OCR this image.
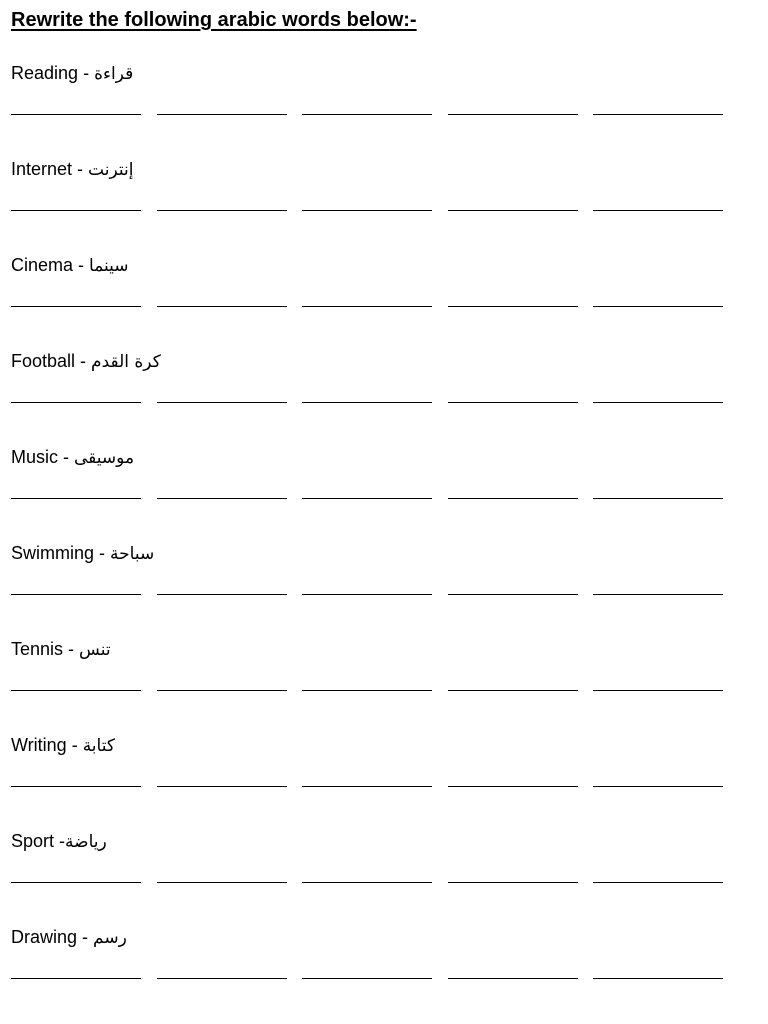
Rewrite the following arabic words below:-
Reading - قراءة
Internet - إنترنت
Cinema - سينما
Football - كرة القدم
Music - موسيقى
Swimming - سباحة
Tennis - تنس
Writing - كتابة
Sport -رياضة
Drawing - رسم
